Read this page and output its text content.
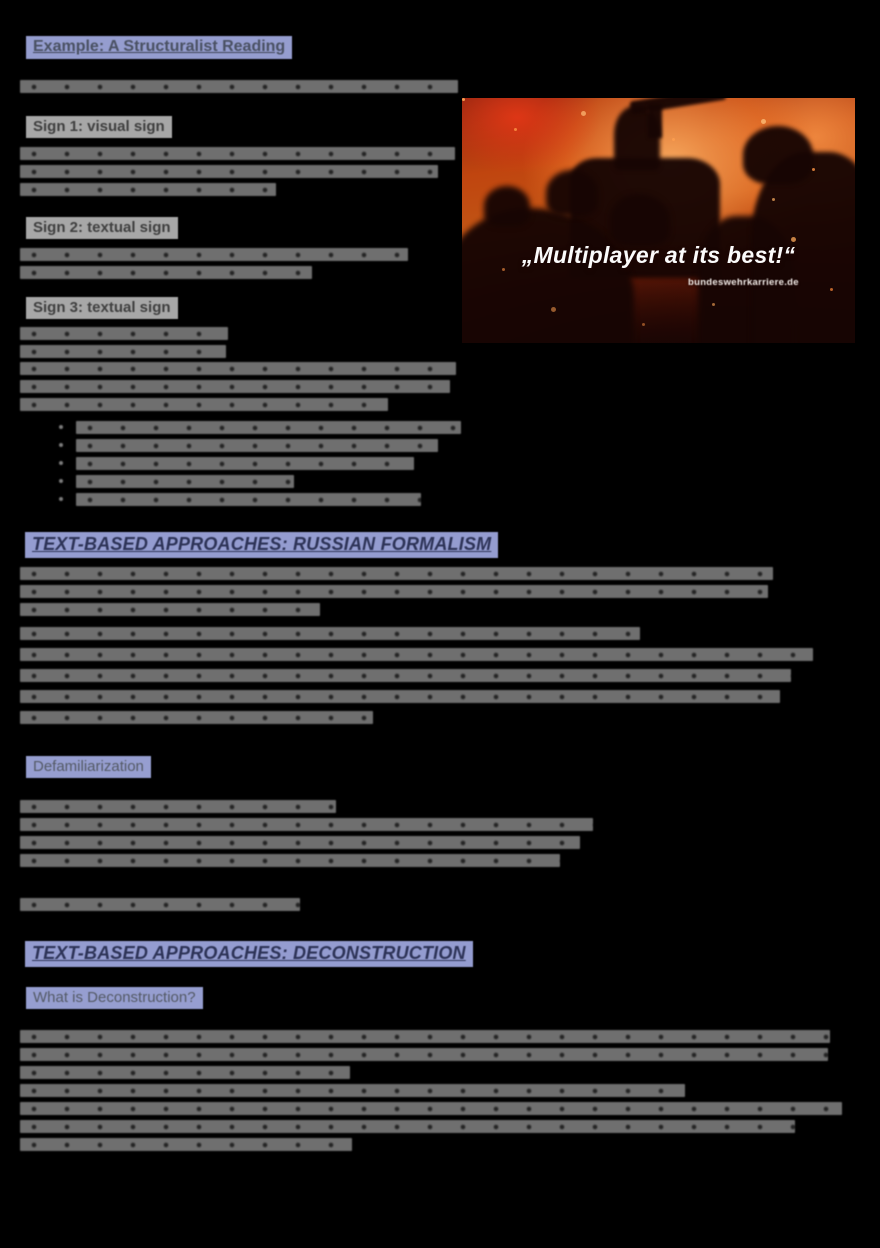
Example: A Structuralist Reading
„Multiplayer at its best!“
bundeswehrkarriere.de
Sign 1: visual sign
Sign 2: textual sign
Sign 3: textual sign
TEXT-BASED APPROACHES: RUSSIAN FORMALISM
Defamiliarization
TEXT-BASED APPROACHES: DECONSTRUCTION
What is Deconstruction?
